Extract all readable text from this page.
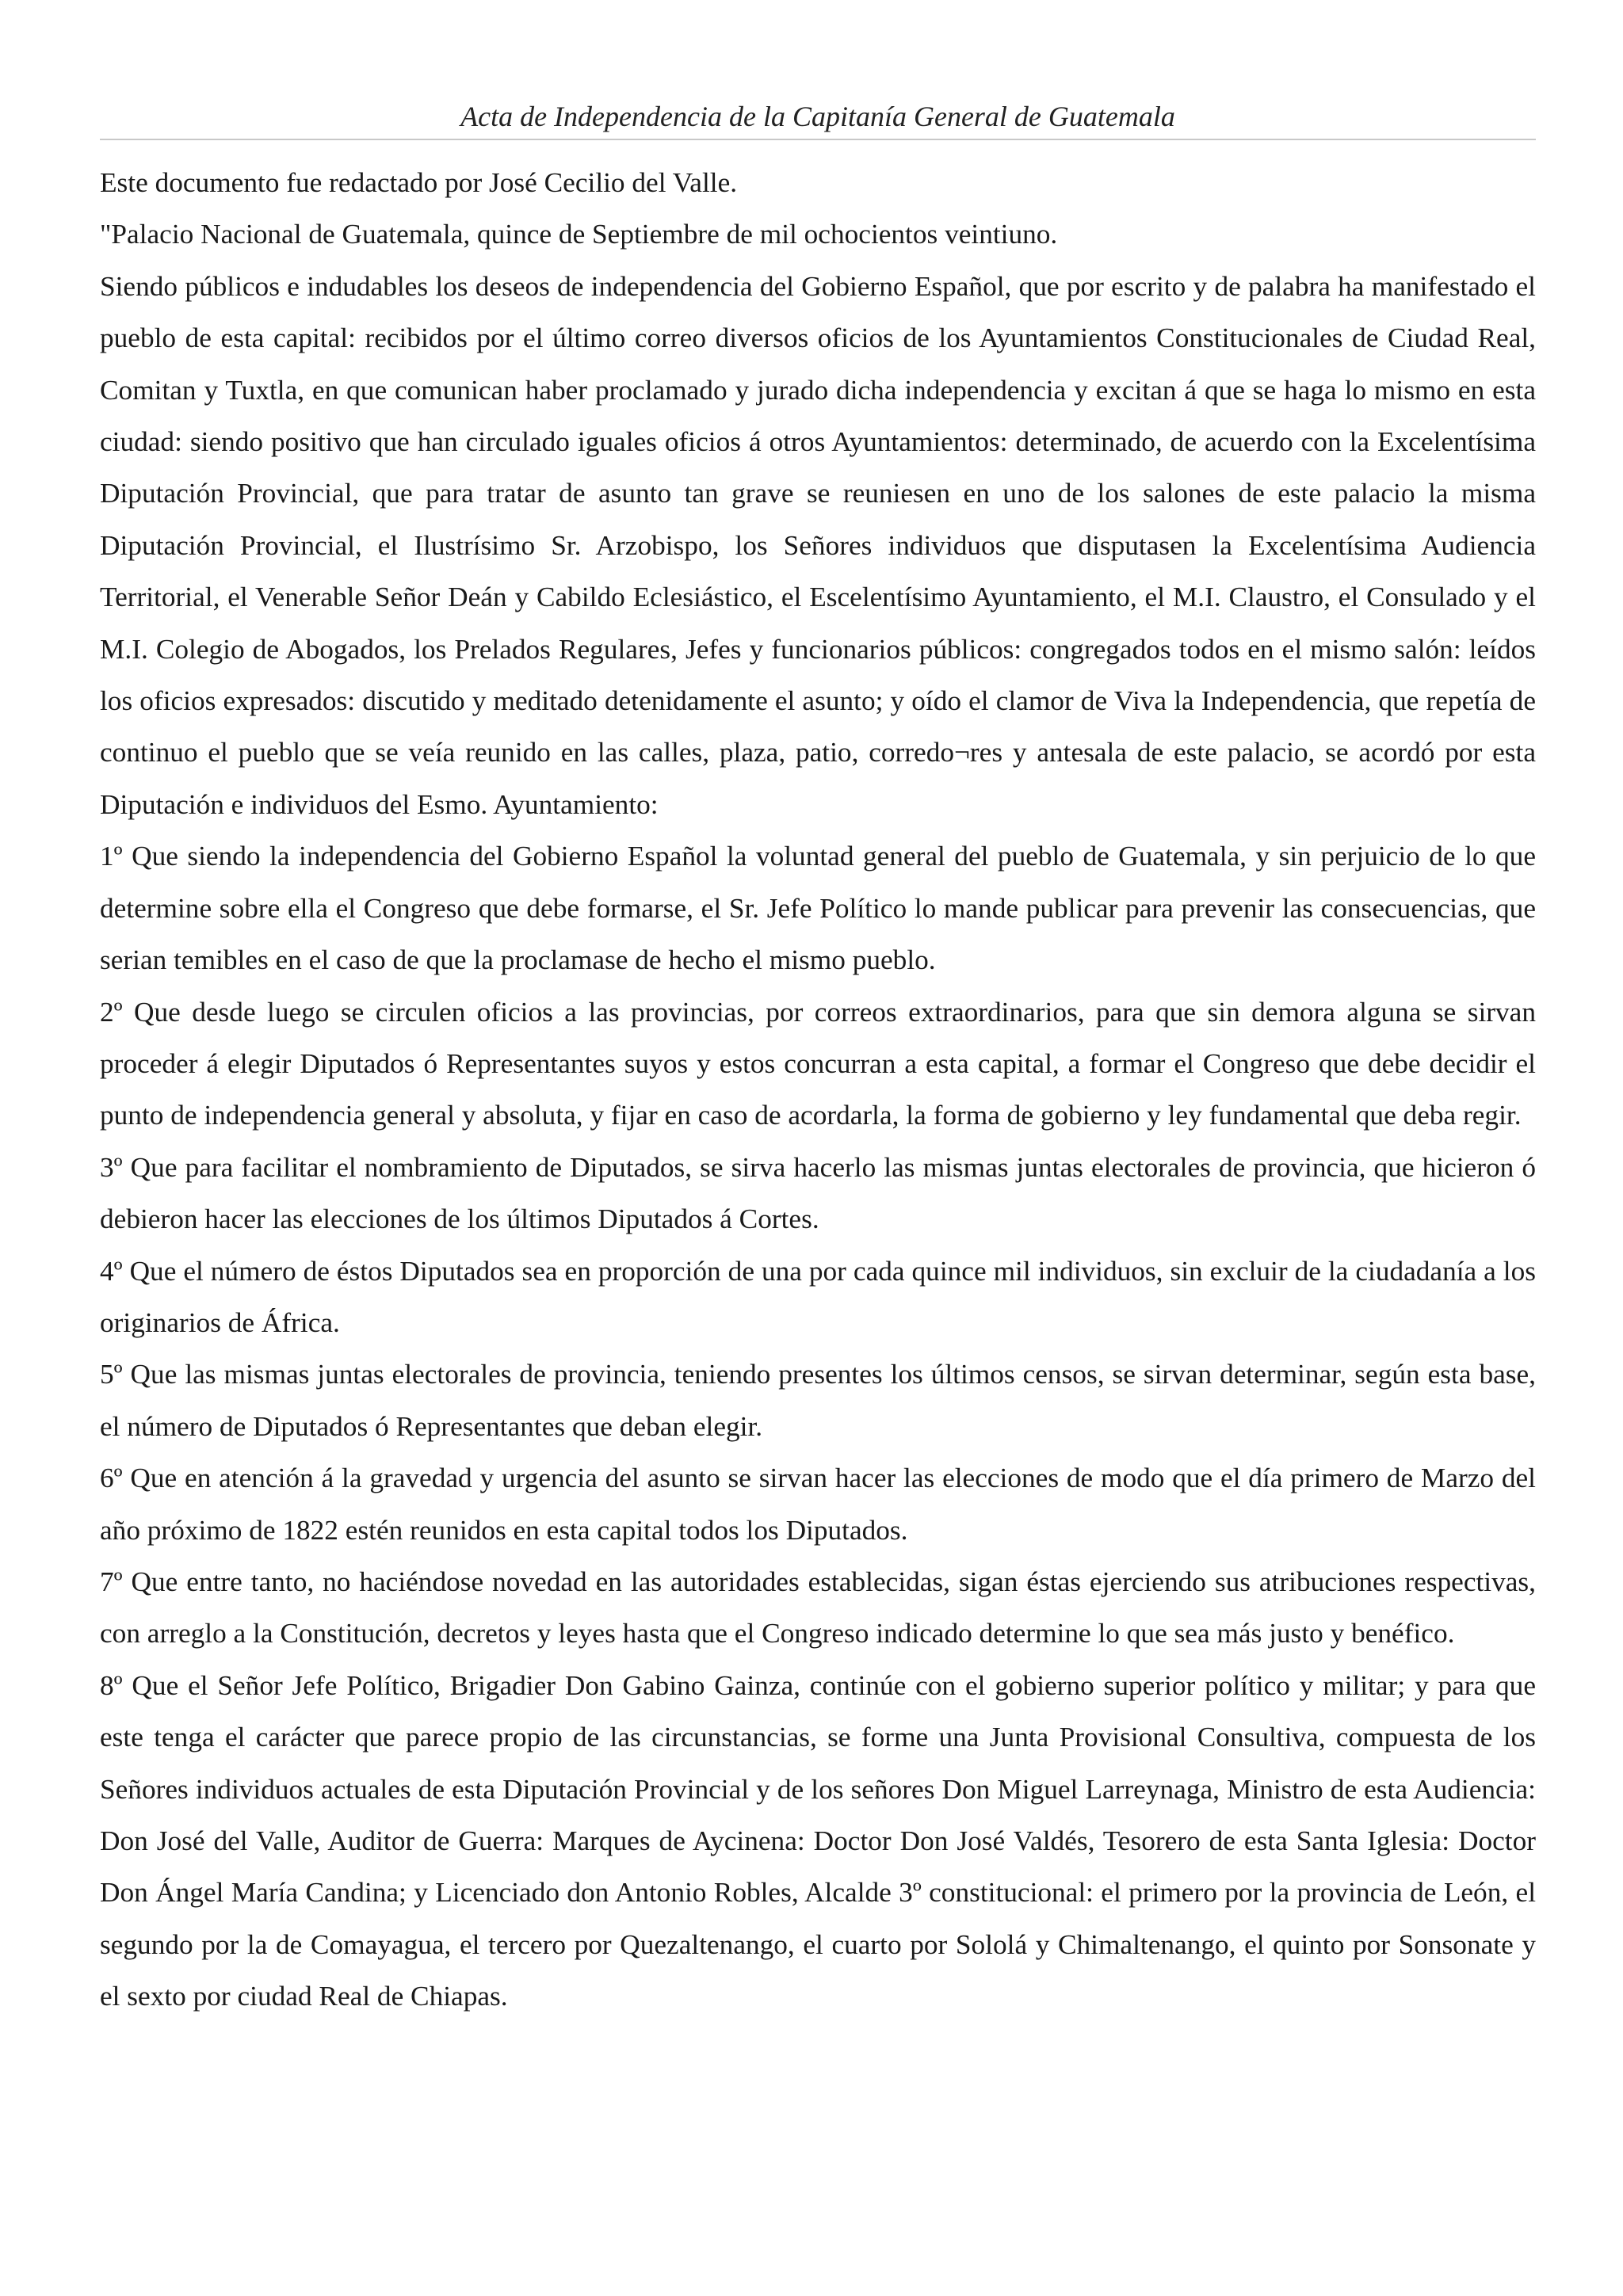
Acta de Independencia de la Capitanía General de Guatemala

Este documento fue redactado por José Cecilio del Valle.

"Palacio Nacional de Guatemala, quince de Septiembre de mil ochocientos veintiuno.

Siendo públicos e indudables los deseos de independencia del Gobierno Español, que por escrito y de palabra ha manifestado el pueblo de esta capital: recibidos por el último correo diversos oficios de los Ayuntamientos Constitucionales de Ciudad Real, Comitan y Tuxtla, en que comunican haber proclamado y jurado dicha independencia y excitan á que se haga lo mismo en esta ciudad: siendo positivo que han circulado iguales oficios á otros Ayuntamientos: determinado, de acuerdo con la Excelentísima Diputación Provincial, que para tratar de asunto tan grave se reuniesen en uno de los salones de este palacio la misma Diputación Provincial, el Ilustrísimo Sr. Arzobispo, los Señores individuos que disputasen la Excelentísima Audiencia Territorial, el Venerable Señor Deán y Cabildo Eclesiástico, el Escelentísimo Ayuntamiento, el M.I. Claustro, el Consulado y el M.I. Colegio de Abogados, los Prelados Regulares, Jefes y funcionarios públicos: congregados todos en el mismo salón: leídos los oficios expresados: discutido y meditado detenidamente el asunto; y oído el clamor de Viva la Independencia, que repetía de continuo el pueblo que se veía reunido en las calles, plaza, patio, corredo¬res y antesala de este palacio, se acordó por esta Diputación e individuos del Esmo. Ayuntamiento:

1º Que siendo la independencia del Gobierno Español la voluntad general del pueblo de Guatemala, y sin perjuicio de lo que determine sobre ella el Congreso que debe formarse, el Sr. Jefe Político lo mande publicar para prevenir las consecuencias, que serian temibles en el caso de que la proclamase de hecho el mismo pueblo.

2º Que desde luego se circulen oficios a las provincias, por correos extraordinarios, para que sin demora alguna se sirvan proceder á elegir Diputados ó Representantes suyos y estos concurran a esta capital, a formar el Congreso que debe decidir el punto de independencia general y absoluta, y fijar en caso de acordarla, la forma de gobierno y ley fundamental que deba regir.

3º Que para facilitar el nombramiento de Diputados, se sirva hacerlo las mismas juntas electorales de provincia, que hicieron ó debieron hacer las elecciones de los últimos Diputados á Cortes.

4º Que el número de éstos Diputados sea en proporción de una por cada quince mil individuos, sin excluir de la ciudadanía a los originarios de África.

5º Que las mismas juntas electorales de provincia, teniendo presentes los últimos censos, se sirvan determinar, según esta base, el número de Diputados ó Representantes que deban elegir.

6º Que en atención á la gravedad y urgencia del asunto se sirvan hacer las elecciones de modo que el día primero de Marzo del año próximo de 1822 estén reunidos en esta capital todos los Diputados.

7º Que entre tanto, no haciéndose novedad en las autoridades establecidas, sigan éstas ejerciendo sus atribuciones respectivas, con arreglo a la Constitución, decretos y leyes hasta que el Congreso indicado determine lo que sea más justo y benéfico.

8º Que el Señor Jefe Político, Brigadier Don Gabino Gainza, continúe con el gobierno superior político y militar; y para que este tenga el carácter que parece propio de las circunstancias, se forme una Junta Provisional Consultiva, compuesta de los Señores individuos actuales de esta Diputación Provincial y de los señores Don Miguel Larreynaga, Ministro de esta Audiencia: Don José del Valle, Auditor de Guerra: Marques de Aycinena: Doctor Don José Valdés, Tesorero de esta Santa Iglesia: Doctor Don Ángel María Candina; y Licenciado don Antonio Robles, Alcalde 3º constitucional: el primero por la provincia de León, el segundo por la de Comayagua, el tercero por Quezaltenango, el cuarto por Sololá y Chimaltenango, el quinto por Sonsonate y el sexto por ciudad Real de Chiapas.
